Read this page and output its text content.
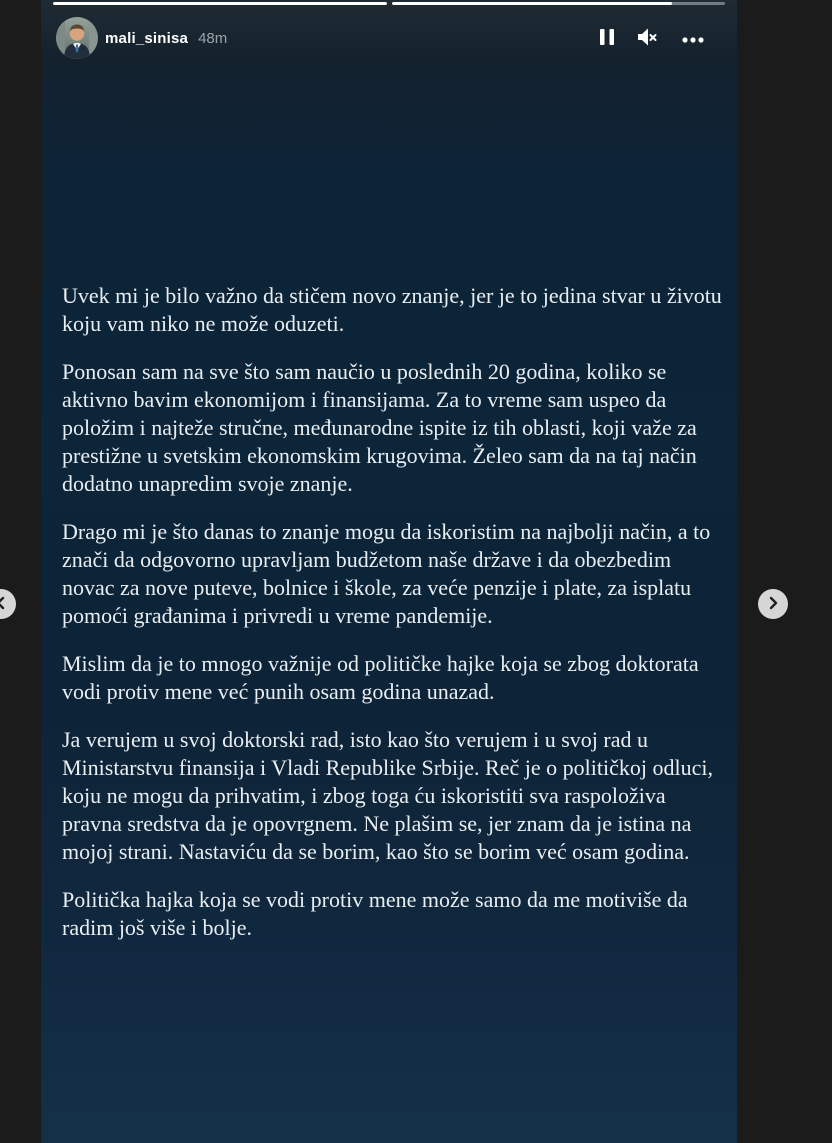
mali_sinisa 48m

Uvek mi je bilo važno da stičem novo znanje, jer je to jedina stvar u životu koju vam niko ne može oduzeti.

Ponosan sam na sve što sam naučio u poslednih 20 godina, koliko se aktivno bavim ekonomijom i finansijama. Za to vreme sam uspeo da položim i najteže stručne, međunarodne ispite iz tih oblasti, koji važe za prestižne u svetskim ekonomskim krugovima. Želeo sam da na taj način dodatno unapredim svoje znanje.

Drago mi je što danas to znanje mogu da iskoristim na najbolji način, a to znači da odgovorno upravljam budžetom naše države i da obezbedim novac za nove puteve, bolnice i škole, za veće penzije i plate, za isplatu pomoći građanima i privredi u vreme pandemije.

Mislim da je to mnogo važnije od političke hajke koja se zbog doktorata vodi protiv mene već punih osam godina unazad.

Ja verujem u svoj doktorski rad, isto kao što verujem i u svoj rad u Ministarstvu finansija i Vladi Republike Srbije. Reč je o političkoj odluci, koju ne mogu da prihvatim, i zbog toga ću iskoristiti sva raspoloživa pravna sredstva da je opovrgnem. Ne plašim se, jer znam da je istina na mojoj strani. Nastaviću da se borim, kao što se borim već osam godina.

Politička hajka koja se vodi protiv mene može samo da me motiviše da radim još više i bolje.
